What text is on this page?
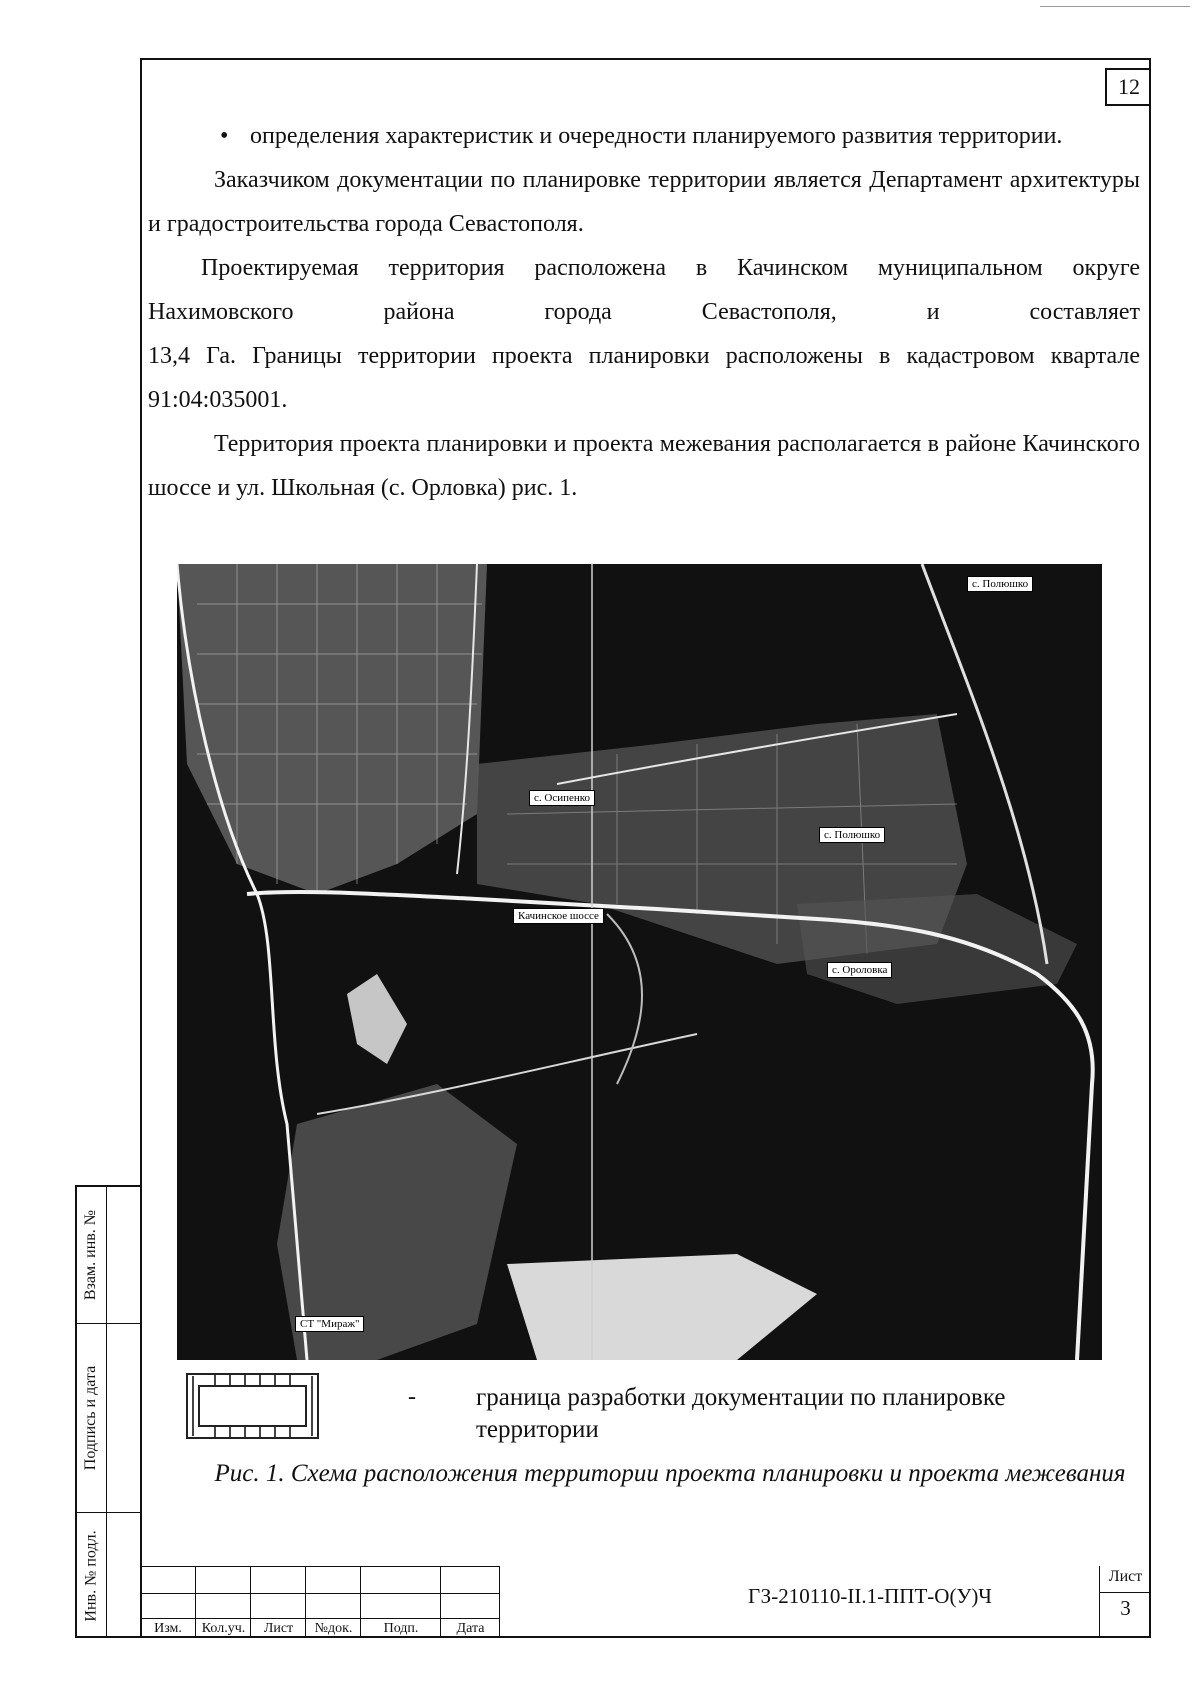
12

• определения характеристик и очередности планируемого развития территории.

Заказчиком документации по планировке территории является Департамент архитектуры и градостроительства города Севастополя.

Проектируемая территория расположена в Качинском муниципальном округе Нахимовского района города Севастополя, и составляет

13,4 Га. Границы территории проекта планировки расположены в кадастровом квартале 91:04:035001.

Территория проекта планировки и проекта межевания располагается в районе Качинского шоссе и ул. Школьная (с. Орловка) рис. 1.

с. Полюшко
с. Осипенко
с. Полюшко
Качинское шоссе
с. Ороловка
СТ "Мираж"
- граница разработки документации по планировке территории
Рис. 1. Схема расположения территории проекта планировки и проекта межевания
Взам. инв. №
Подпись и дата
Инв. № подл.
Изм.	Кол.уч.	Лист	№док.	Подп.	Дата
ГЗ-210110-II.1-ППТ-О(У)Ч
Лист
3
